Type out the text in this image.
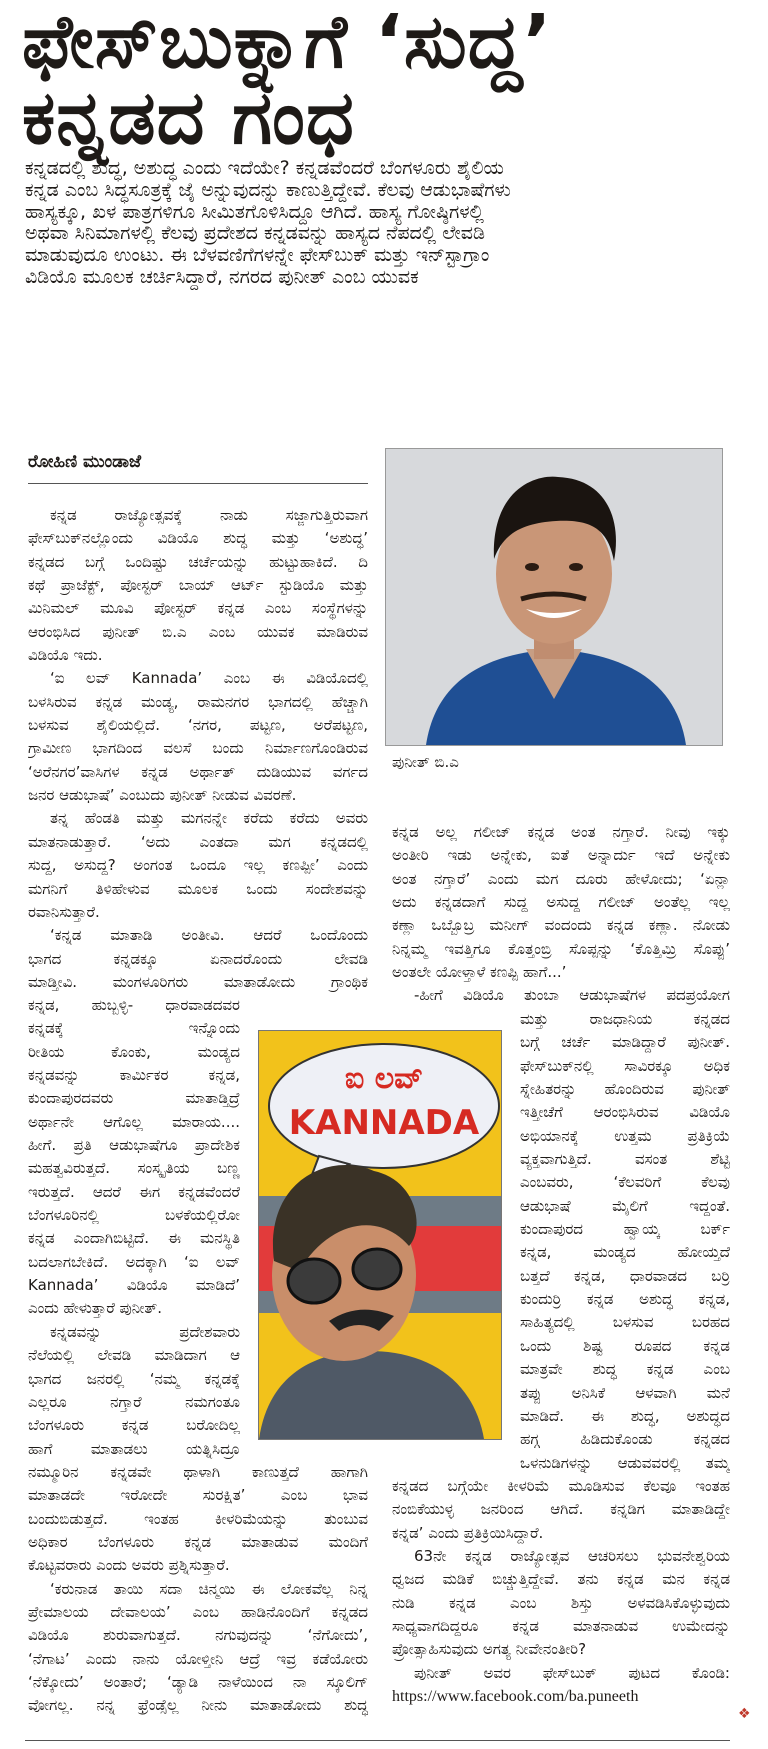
ಫೇಸ್‌ಬುಕ್ನಾಗೆ ‘ಸುದ್ದ’
ಕನ್ನಡದ ಗಂಧ
ಕನ್ನಡದಲ್ಲಿ ಶುದ್ಧ, ಅಶುದ್ಧ ಎಂದು ಇದೆಯೇ? ಕನ್ನಡವೆಂದರೆ ಬೆಂಗಳೂರು ಶೈಲಿಯ
ಕನ್ನಡ ಎಂಬ ಸಿದ್ಧಸೂತ್ರಕ್ಕೆ ಜೈ ಅನ್ನುವುದನ್ನು ಕಾಣುತ್ತಿದ್ದೇವೆ. ಕೆಲವು ಆಡುಭಾಷೆಗಳು
ಹಾಸ್ಯಕ್ಕೂ, ಖಳ ಪಾತ್ರಗಳಿಗೂ ಸೀಮಿತಗೊಳಿಸಿದ್ದೂ ಆಗಿದೆ. ಹಾಸ್ಯ ಗೋಷ್ಠಿಗಳಲ್ಲಿ
ಅಥವಾ ಸಿನಿಮಾಗಳಲ್ಲಿ ಕೆಲವು ಪ್ರದೇಶದ ಕನ್ನಡವನ್ನು ಹಾಸ್ಯದ ನೆಪದಲ್ಲಿ ಲೇವಡಿ
ಮಾಡುವುದೂ ಉಂಟು. ಈ ಬೆಳವಣಿಗೆಗಳನ್ನೇ ಫೇಸ್‌ಬುಕ್ ಮತ್ತು ಇನ್‌ಸ್ಟಾಗ್ರಾಂ
ವಿಡಿಯೊ ಮೂಲಕ ಚರ್ಚಿಸಿದ್ದಾರೆ, ನಗರದ ಪುನೀತ್ ಎಂಬ ಯುವಕ
ರೋಹಿಣಿ ಮುಂಡಾಜೆ
ಪುನೀತ್ ಬಿ.ಎ
ಐ ಲವ್
KANNADA
ಕನ್ನಡ ರಾಜ್ಯೋತ್ಸವಕ್ಕೆ ನಾಡು ಸಜ್ಜಾಗುತ್ತಿರುವಾಗ
ಫೇಸ್‌ಬುಕ್‌ನಲ್ಲೊಂದು ವಿಡಿಯೊ ಶುದ್ಧ ಮತ್ತು ‘ಅಶುದ್ಧ’
ಕನ್ನಡದ ಬಗ್ಗೆ ಒಂದಿಷ್ಟು ಚರ್ಚೆಯನ್ನು ಹುಟ್ಟುಹಾಕಿದೆ. ದಿ
ಕಥೆ ಪ್ರಾಜೆಕ್ಟ್, ಪೋಸ್ಟರ್ ಬಾಯ್ ಆರ್ಟ್ ಸ್ಟುಡಿಯೊ ಮತ್ತು
ಮಿನಿಮಲ್ ಮೂವಿ ಪೋಸ್ಟರ್ ಕನ್ನಡ ಎಂಬ ಸಂಸ್ಥೆಗಳನ್ನು
ಆರಂಭಿಸಿದ ಪುನೀತ್ ಬಿ.ಎ ಎಂಬ ಯುವಕ ಮಾಡಿರುವ
ವಿಡಿಯೊ ಇದು.
‘ಐ ಲವ್ Kannada’ ಎಂಬ ಈ ವಿಡಿಯೊದಲ್ಲಿ
ಬಳಸಿರುವ ಕನ್ನಡ ಮಂಡ್ಯ, ರಾಮನಗರ ಭಾಗದಲ್ಲಿ ಹೆಚ್ಚಾಗಿ
ಬಳಸುವ ಶೈಲಿಯಲ್ಲಿದೆ. ‘ನಗರ, ಪಟ್ಟಣ, ಅರೆಪಟ್ಟಣ,
ಗ್ರಾಮೀಣ ಭಾಗದಿಂದ ವಲಸೆ ಬಂದು ನಿರ್ಮಾಣಗೊಂಡಿರುವ
‘ಅರೆನಗರ’ವಾಸಿಗಳ ಕನ್ನಡ ಅರ್ಥಾತ್ ದುಡಿಯುವ ವರ್ಗದ
ಜನರ ಆಡುಭಾಷೆ’ ಎಂಬುದು ಪುನೀತ್ ನೀಡುವ ವಿವರಣೆ.
ತನ್ನ ಹೆಂಡತಿ ಮತ್ತು ಮಗನನ್ನೇ ಕರೆದು ಕರೆದು ಅವರು
ಮಾತನಾಡುತ್ತಾರೆ. ‘ಅದು ಎಂತದಾ ಮಗ ಕನ್ನಡದಲ್ಲಿ
ಸುದ್ದ, ಅಸುದ್ದ? ಅಂಗಂತ ಒಂದೂ ಇಲ್ಲ ಕಣಪ್ಪೀ’ ಎಂದು
ಮಗನಿಗೆ ತಿಳಿಹೇಳುವ ಮೂಲಕ ಒಂದು ಸಂದೇಶವನ್ನು
ರವಾನಿಸುತ್ತಾರೆ.
‘ಕನ್ನಡ ಮಾತಾಡಿ ಅಂತೀವಿ. ಆದರೆ ಒಂದೊಂದು
ಭಾಗದ ಕನ್ನಡಕ್ಕೂ ಏನಾದರೊಂದು ಲೇವಡಿ
ಮಾಡ್ತೀವಿ. ಮಂಗಳೂರಿಗರು ಮಾತಾಡೋದು ಗ್ರಾಂಥಿಕ
ಕನ್ನಡ, ಹುಬ್ಬಳ್ಳಿ- ಧಾರವಾಡದವರ
ಕನ್ನಡಕ್ಕೆ ಇನ್ನೊಂದು
ರೀತಿಯ ಕೊಂಕು, ಮಂಡ್ಯದ
ಕನ್ನಡವನ್ನು ಕಾರ್ಮಿಕರ ಕನ್ನಡ,
ಕುಂದಾಪುರದವರು ಮಾತಾಡ್ತಿದ್ರೆ
ಅರ್ಥಾನೇ ಆಗೊಲ್ಲ ಮಾರಾಯ....
ಹೀಗೆ. ಪ್ರತಿ ಆಡುಭಾಷೆಗೂ ಪ್ರಾದೇಶಿಕ
ಮಹತ್ವವಿರುತ್ತದೆ. ಸಂಸ್ಕೃತಿಯ ಬಣ್ಣ
ಇರುತ್ತದೆ. ಆದರೆ ಈಗ ಕನ್ನಡವೆಂದರೆ
ಬೆಂಗಳೂರಿನಲ್ಲಿ ಬಳಕೆಯಲ್ಲಿರೋ
ಕನ್ನಡ ಎಂದಾಗಿಬಿಟ್ಟಿದೆ. ಈ ಮನಸ್ಥಿತಿ
ಬದಲಾಗಬೇಕಿದೆ. ಅದಕ್ಕಾಗಿ ‘ಐ ಲವ್
Kannada’ ವಿಡಿಯೊ ಮಾಡಿದೆ’
ಎಂದು ಹೇಳುತ್ತಾರೆ ಪುನೀತ್.
ಕನ್ನಡವನ್ನು ಪ್ರದೇಶವಾರು
ನೆಲೆಯಲ್ಲಿ ಲೇವಡಿ ಮಾಡಿದಾಗ ಆ
ಭಾಗದ ಜನರಲ್ಲಿ ‘ನಮ್ಮ ಕನ್ನಡಕ್ಕೆ
ಎಲ್ಲರೂ ನಗ್ತಾರೆ ನಮಗಂತೂ
ಬೆಂಗಳೂರು ಕನ್ನಡ ಬರೋದಿಲ್ಲ
ಹಾಗೆ ಮಾತಾಡಲು ಯತ್ನಿಸಿದ್ರೂ
ನಮ್ಮೂರಿನ ಕನ್ನಡವೇ ಥಾಳಾಗಿ ಕಾಣುತ್ತದೆ ಹಾಗಾಗಿ
ಮಾತಾಡದೇ ಇರೋದೇ ಸುರಕ್ಷಿತ’ ಎಂಬ ಭಾವ
ಬಂದುಬಿಡುತ್ತದೆ. ಇಂತಹ ಕೀಳರಿಮೆಯನ್ನು ತುಂಬುವ
ಅಧಿಕಾರ ಬೆಂಗಳೂರು ಕನ್ನಡ ಮಾತಾಡುವ ಮಂದಿಗೆ
ಕೊಟ್ಟವರಾರು ಎಂದು ಅವರು ಪ್ರಶ್ನಿಸುತ್ತಾರೆ.
‘ಕರುನಾಡ ತಾಯಿ ಸದಾ ಚಿನ್ಮಯಿ ಈ ಲೋಕವೆಲ್ಲ ನಿನ್ನ
ಪ್ರೇಮಾಲಯ ದೇವಾಲಯ’ ಎಂಬ ಹಾಡಿನೊಂದಿಗೆ ಕನ್ನಡದ
ವಿಡಿಯೊ ಶುರುವಾಗುತ್ತದೆ. ನಗುವುದನ್ನು ‘ನೆಗೋದು’,
‘ನೆಗಾಟ’ ಎಂದು ನಾನು ಯೋಳ್ತೀನಿ ಆದ್ರೆ ಇವ್ರ ಕಡೆಯೋರು
‘ನೆಕ್ಕೋದು’ ಅಂತಾರೆ; ‘ಡ್ಯಾಡಿ ನಾಳೆಯಿಂದ ನಾ ಸ್ಕೂಲಿಗ್
ವೋಗಲ್ಲ. ನನ್ನ ಫ್ರೆಂಡ್ಸೆಲ್ಲ ನೀನು ಮಾತಾಡೋದು ಶುದ್ಧ
ಕನ್ನಡ ಅಲ್ಲ ಗಲೀಜ್ ಕನ್ನಡ ಅಂತ ನಗ್ತಾರೆ. ನೀವು ಇಕ್ಕು
ಅಂತೀರಿ ಇಡು ಅನ್ನೇಕು, ಐತೆ ಅನ್ನಾರ್ದು ಇದೆ ಅನ್ನೇಕು
ಅಂತ ನಗ್ತಾರೆ’ ಎಂದು ಮಗ ದೂರು ಹೇಳೋದು; ‘ಏನ್ಲಾ
ಅದು ಕನ್ನಡದಾಗೆ ಸುದ್ದ ಅಸುದ್ದ ಗಲೀಜ್ ಅಂತೆಲ್ಲ ಇಲ್ಲ
ಕಣ್ಲಾ ಒಬ್ಬೊಬ್ರ ಮನೀಗ್ ವಂದಂದು ಕನ್ನಡ ಕಣ್ಲಾ. ನೋಡು
ನಿನ್ನಮ್ಮ ಇವತ್ತಿಗೂ ಕೊತ್ತಂಬ್ರಿ ಸೊಪ್ಪನ್ನು ‘ಕೊತ್ತಿಮ್ರಿ ಸೊಪ್ಪು’
ಅಂತಲೇ ಯೋಳ್ತಾಳೆ ಕಣಪ್ಪಿ ಹಾಗೆ...’
-ಹೀಗೆ ವಿಡಿಯೊ ತುಂಬಾ ಆಡುಭಾಷೆಗಳ ಪದಪ್ರಯೋಗ
ಮತ್ತು ರಾಜಧಾನಿಯ ಕನ್ನಡದ
ಬಗ್ಗೆ ಚರ್ಚೆ ಮಾಡಿದ್ದಾರೆ ಪುನೀತ್.
ಫೇಸ್‌ಬುಕ್‌ನಲ್ಲಿ ಸಾವಿರಕ್ಕೂ ಅಧಿಕ
ಸ್ನೇಹಿತರನ್ನು ಹೊಂದಿರುವ ಪುನೀತ್
ಇತ್ತೀಚೆಗೆ ಆರಂಭಿಸಿರುವ ವಿಡಿಯೊ
ಅಭಿಯಾನಕ್ಕೆ ಉತ್ತಮ ಪ್ರತಿಕ್ರಿಯೆ
ವ್ಯಕ್ತವಾಗುತ್ತಿದೆ. ವಸಂತ ಶೆಟ್ಟಿ
ಎಂಬವರು, ‘ಕೆಲವರಿಗೆ ಕೆಲವು
ಆಡುಭಾಷೆ ಮೈಲಿಗೆ ಇದ್ದಂತೆ.
ಕುಂದಾಪುರದ ಹ್ವಾಯ್ಕ ಬರ್ಕ್
ಕನ್ನಡ, ಮಂಡ್ಯದ ಹೋಯ್ತದೆ
ಬತ್ತದೆ ಕನ್ನಡ, ಧಾರವಾಡದ ಬರ್ರಿ
ಕುಂದುರ್ರಿ ಕನ್ನಡ ಅಶುದ್ಧ ಕನ್ನಡ,
ಸಾಹಿತ್ಯದಲ್ಲಿ ಬಳಸುವ ಬರಹದ
ಒಂದು ಶಿಷ್ಟ ರೂಪದ ಕನ್ನಡ
ಮಾತ್ರವೇ ಶುದ್ಧ ಕನ್ನಡ ಎಂಬ
ತಪ್ಪು ಅನಿಸಿಕೆ ಆಳವಾಗಿ ಮನೆ
ಮಾಡಿದೆ. ಈ ಶುದ್ಧ, ಅಶುದ್ಧದ
ಹಗ್ಗ ಹಿಡಿದುಕೊಂಡು ಕನ್ನಡದ
ಒಳನುಡಿಗಳನ್ನು ಆಡುವವರಲ್ಲಿ ತಮ್ಮ
ಕನ್ನಡದ ಬಗ್ಗೆಯೇ ಕೀಳರಿಮೆ ಮೂಡಿಸುವ ಕೆಲವೂ ಇಂತಹ
ನಂಬಿಕೆಯುಳ್ಳ ಜನರಿಂದ ಆಗಿದೆ. ಕನ್ನಡಿಗ ಮಾತಾಡಿದ್ದೇ
ಕನ್ನಡ’ ಎಂದು ಪ್ರತಿಕ್ರಿಯಿಸಿದ್ದಾರೆ.
63ನೇ ಕನ್ನಡ ರಾಜ್ಯೋತ್ಸವ ಆಚರಿಸಲು ಭುವನೇಶ್ವರಿಯ
ಧ್ವಜದ ಮಡಿಕೆ ಬಿಚ್ಚುತ್ತಿದ್ದೇವೆ. ತನು ಕನ್ನಡ ಮನ ಕನ್ನಡ
ನುಡಿ ಕನ್ನಡ ಎಂಬ ಶಿಸ್ತು ಅಳವಡಿಸಿಕೊಳ್ಳುವುದು
ಸಾಧ್ಯವಾಗದಿದ್ದರೂ ಕನ್ನಡ ಮಾತನಾಡುವ ಉಮೇದನ್ನು
ಪ್ರೋತ್ಸಾಹಿಸುವುದು ಅಗತ್ಯ ನೀವೇನಂತೀರಿ?
ಪುನೀತ್ ಅವರ ಫೇಸ್‌ಬುಕ್ ಪುಟದ ಕೊಂಡಿ:
https://www.facebook.com/ba.puneeth
❖
